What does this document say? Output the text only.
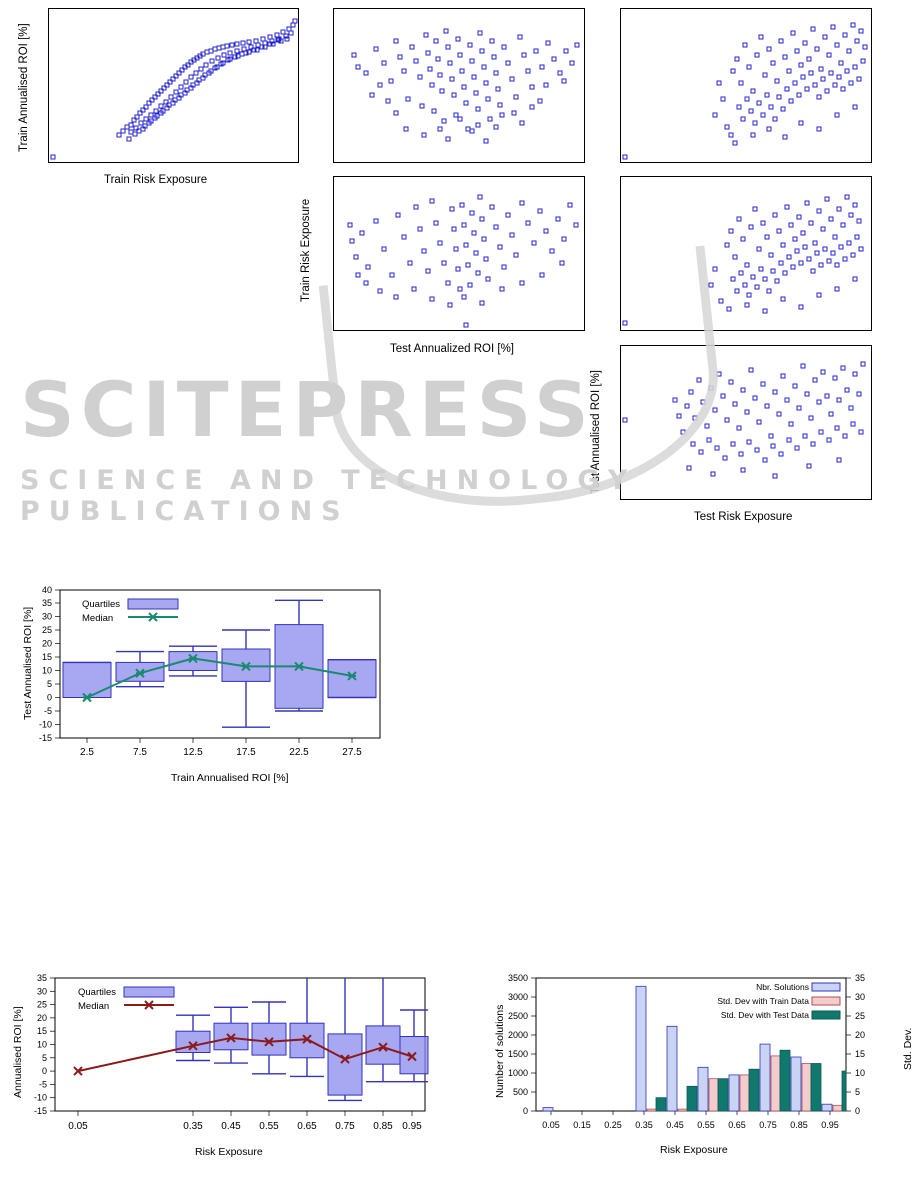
Train Annualised ROI [%]
Train Risk Exposure
Train Risk Exposure
Test Annualized ROI [%]
Test Annualised ROI [%]
Test Risk Exposure
SCITEPRESS
SCIENCE AND TECHNOLOGY PUBLICATIONS
-15
-10
-5
0
5
10
15
20
25
30
35
40
2.5	7.5	12.5	17.5	22.5	27.5
Quartiles
Median
Test Annualised ROI [%]
Train Annualised ROI [%]
-15
-10
-5
0
5
10
15
20
25
30
35
0.05	0.35 0.45 0.55 0.65 0.75 0.85 0.95
Quartiles
Median
Annualised ROI [%]
Risk Exposure
0
500
1000
1500
2000
2500
3000
3500
0
5
10
15
20
25
30
35
0.05 0.15 0.25 0.35 0.45 0.55 0.65 0.75 0.85 0.95
Nbr. Solutions
Std. Dev with Train Data
Std. Dev with Test Data
Number of solutions	Std. Dev.
Risk Exposure
